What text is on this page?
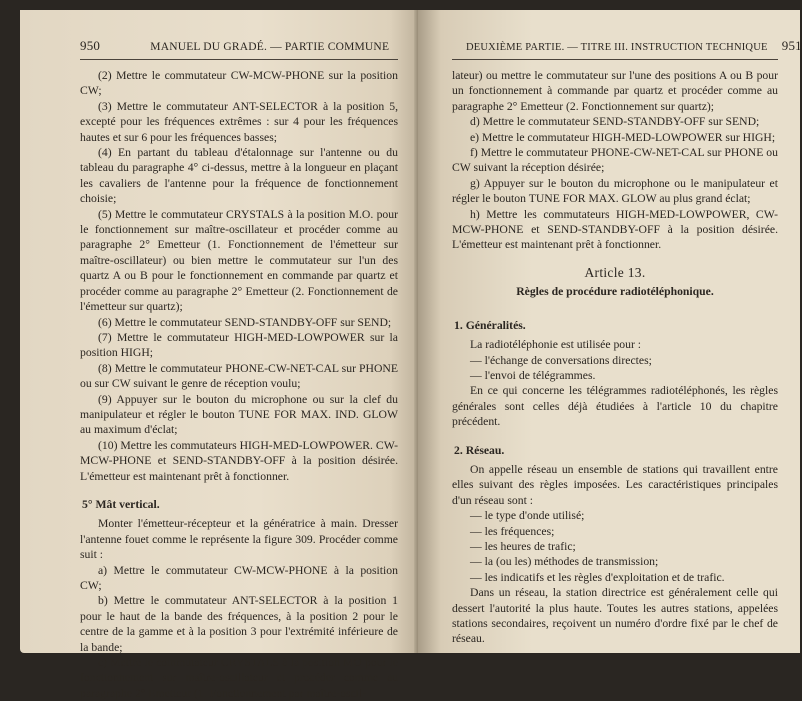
950	MANUEL DU GRADÉ. — PARTIE COMMUNE

(2) Mettre le commutateur CW-MCW-PHONE sur la position CW;

(3) Mettre le commutateur ANT-SELECTOR à la position 5, excepté pour les fréquences extrêmes : sur 4 pour les fréquences hautes et sur 6 pour les fréquences basses;

(4) En partant du tableau d'étalonnage sur l'antenne ou du tableau du paragraphe 4° ci-dessus, mettre à la longueur en plaçant les cavaliers de l'antenne pour la fréquence de fonctionnement choisie;

(5) Mettre le commutateur CRYSTALS à la position M.O. pour le fonctionnement sur maître-oscillateur et procéder comme au paragraphe 2° Emetteur (1. Fonctionnement de l'émetteur sur maître-oscillateur) ou bien mettre le commutateur sur l'un des quartz A ou B pour le fonctionnement en commande par quartz et procéder comme au paragraphe 2° Emetteur (2. Fonctionnement de l'émetteur sur quartz);

(6) Mettre le commutateur SEND-STANDBY-OFF sur SEND;

(7) Mettre le commutateur HIGH-MED-LOWPOWER sur la position HIGH;

(8) Mettre le commutateur PHONE-CW-NET-CAL sur PHONE ou sur CW suivant le genre de réception voulu;

(9) Appuyer sur le bouton du microphone ou sur la clef du manipulateur et régler le bouton TUNE FOR MAX. IND. GLOW au maximum d'éclat;

(10) Mettre les commutateurs HIGH-MED-LOWPOWER. CW-MCW-PHONE et SEND-STANDBY-OFF à la position désirée. L'émetteur est maintenant prêt à fonctionner.

5° Mât vertical.

Monter l'émetteur-récepteur et la génératrice à main. Dresser l'antenne fouet comme le représente la figure 309. Procéder comme suit :

a) Mettre le commutateur CW-MCW-PHONE à la position CW;

b) Mettre le commutateur ANT-SELECTOR à la position 1 pour le haut de la bande des fréquences, à la position 2 pour le centre de la gamme et à la position 3 pour l'extrémité inférieure de la bande;

c) Mettre le commutateur CRYSTALS à la position MO pour le fonctionnement sur maître-oscillateur et procéder comme au paragraphe 2° Emetteur (1. Fonctionnement par maître-oscil-

DEUXIÈME PARTIE. — TITRE III. INSTRUCTION TECHNIQUE 951

lateur) ou mettre le commutateur sur l'une des positions A ou B pour un fonctionnement à commande par quartz et procéder comme au paragraphe 2° Emetteur (2. Fonctionnement sur quartz);

d) Mettre le commutateur SEND-STANDBY-OFF sur SEND;

e) Mettre le commutateur HIGH-MED-LOWPOWER sur HIGH;

f) Mettre le commutateur PHONE-CW-NET-CAL sur PHONE ou CW suivant la réception désirée;

g) Appuyer sur le bouton du microphone ou le manipulateur et régler le bouton TUNE FOR MAX. GLOW au plus grand éclat;

h) Mettre les commutateurs HIGH-MED-LOWPOWER, CW-MCW-PHONE et SEND-STANDBY-OFF à la position désirée. L'émetteur est maintenant prêt à fonctionner.

Article 13.

Règles de procédure radiotéléphonique.

1. Généralités.

La radiotéléphonie est utilisée pour :

— l'échange de conversations directes;

— l'envoi de télégrammes.

En ce qui concerne les télégrammes radiotéléphonés, les règles générales sont celles déjà étudiées à l'article 10 du chapitre précédent.

2. Réseau.

On appelle réseau un ensemble de stations qui travaillent entre elles suivant des règles imposées. Les caractéristiques principales d'un réseau sont :

— le type d'onde utilisé;

— les fréquences;

— les heures de trafic;

— la (ou les) méthodes de transmission;

— les indicatifs et les règles d'exploitation et de trafic.

Dans un réseau, la station directrice est généralement celle qui dessert l'autorité la plus haute. Toutes les autres stations, appelées stations secondaires, reçoivent un numéro d'ordre fixé par le chef de réseau.
